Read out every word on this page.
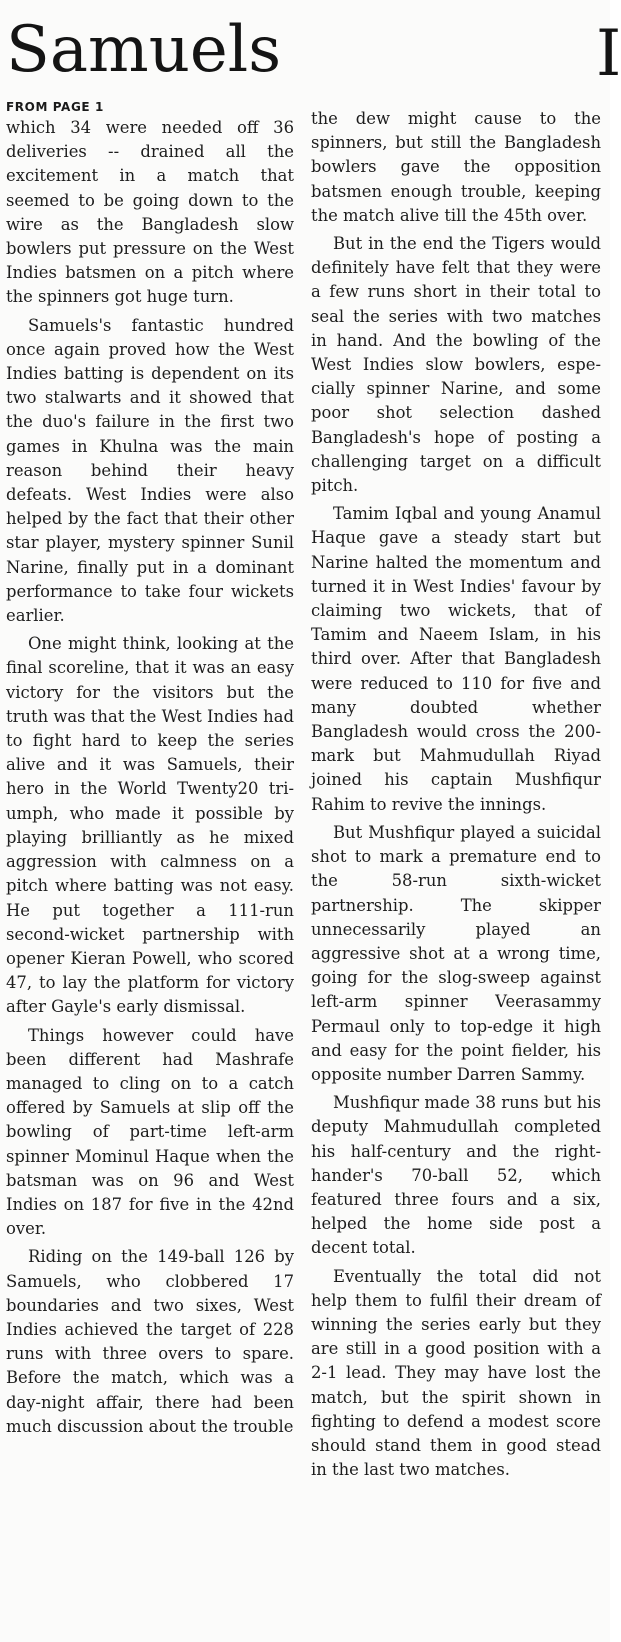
Samuels	I
FROM PAGE 1

which 34 were needed off 36 deliveries -- drained all the excitement in a match that seemed to be going down to the wire as the Bangladesh slow bowlers put pressure on the West Indies batsmen on a pitch where the spinners got huge turn.

Samuels's fantastic hundred once again proved how the West Indies batting is dependent on its two stalwarts and it showed that the duo's failure in the first two games in Khulna was the main reason behind their heavy defeats. West Indies were also helped by the fact that their other star player, mystery spinner Sunil Narine, finally put in a dominant performance to take four wickets earlier.

One might think, looking at the final scoreline, that it was an easy victory for the visitors but the truth was that the West Indies had to fight hard to keep the series alive and it was Samuels, their hero in the World Twenty20 triumph, who made it possible by playing brilliantly as he mixed aggression with calmness on a pitch where batting was not easy. He put together a 111-run second-wicket partnership with opener Kieran Powell, who scored 47, to lay the platform for victory after Gayle's early dismissal.

Things however could have been different had Mashrafe managed to cling on to a catch offered by Samuels at slip off the bowling of part-time left-arm spinner Mominul Haque when the batsman was on 96 and West Indies on 187 for five in the 42nd over.

Riding on the 149-ball 126 by Samuels, who clobbered 17 boundaries and two sixes, West Indies achieved the target of 228 runs with three overs to spare. Before the match, which was a day-night affair, there had been much discussion about the trouble

the dew might cause to the spinners, but still the Bangladesh bowlers gave the opposition batsmen enough trouble, keeping the match alive till the 45th over.

But in the end the Tigers would definitely have felt that they were a few runs short in their total to seal the series with two matches in hand. And the bowling of the West Indies slow bowlers, especially spinner Narine, and some poor shot selection dashed Bangladesh's hope of posting a challenging target on a difficult pitch.

Tamim Iqbal and young Anamul Haque gave a steady start but Narine halted the momentum and turned it in West Indies' favour by claiming two wickets, that of Tamim and Naeem Islam, in his third over. After that Bangladesh were reduced to 110 for five and many doubted whether Bangladesh would cross the 200-mark but Mahmudullah Riyad joined his captain Mushfiqur Rahim to revive the innings.

But Mushfiqur played a suicidal shot to mark a premature end to the 58-run sixth-wicket partnership. The skipper unnecessarily played an aggressive shot at a wrong time, going for the slog-sweep against left-arm spinner Veerasammy Permaul only to top-edge it high and easy for the point fielder, his opposite number Darren Sammy.

Mushfiqur made 38 runs but his deputy Mahmudullah completed his half-century and the right-hander's 70-ball 52, which featured three fours and a six, helped the home side post a decent total.

Eventually the total did not help them to fulfil their dream of winning the series early but they are still in a good position with a 2-1 lead. They may have lost the match, but the spirit shown in fighting to defend a modest score should stand them in good stead in the last two matches.
